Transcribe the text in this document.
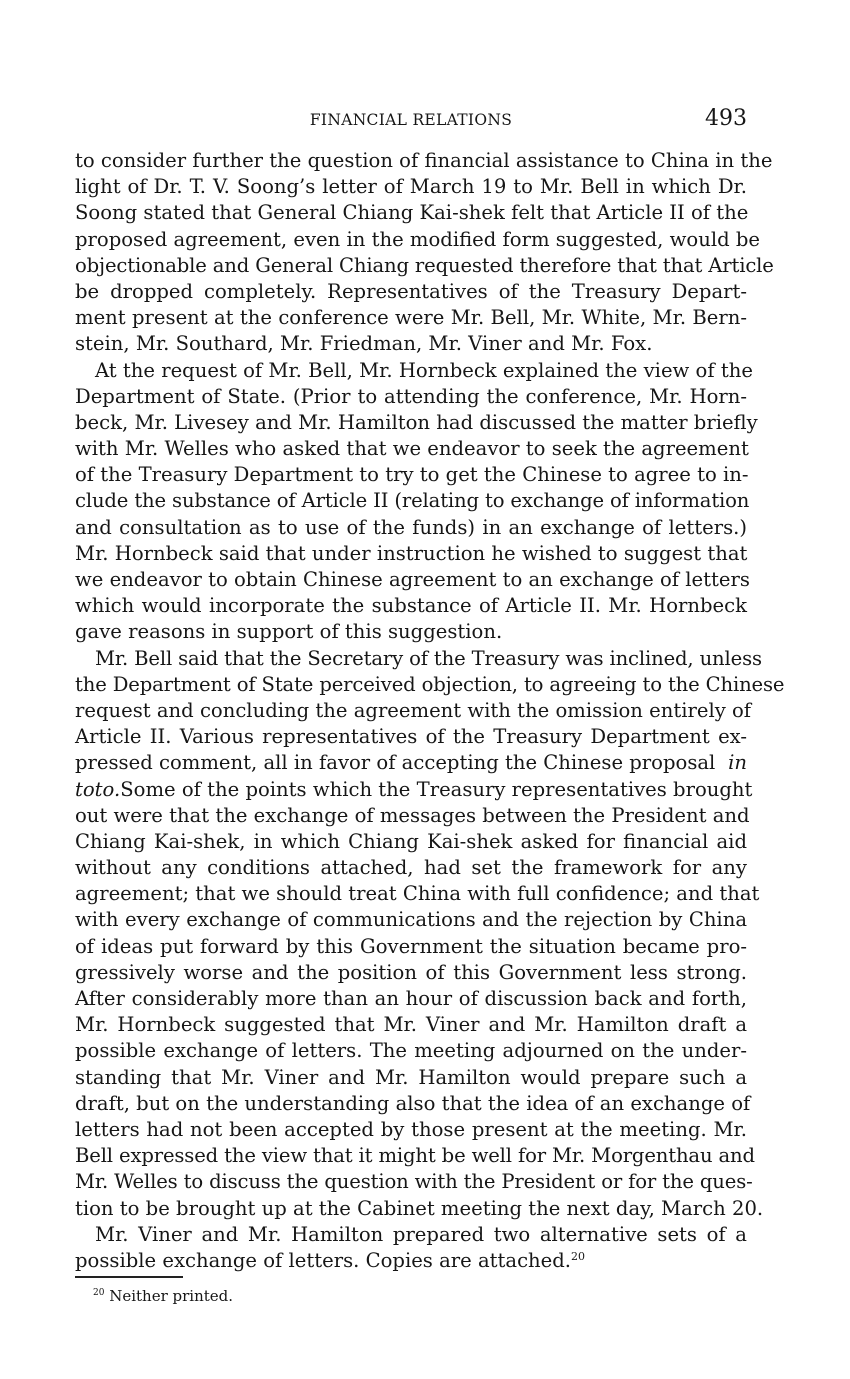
FINANCIAL RELATIONS	493
to consider further the question of financial assistance to China in the
light of Dr. T. V. Soong’s letter of March 19 to Mr. Bell in which Dr.
Soong stated that General Chiang Kai-shek felt that Article II of the
proposed agreement, even in the modified form suggested, would be
objectionable and General Chiang requested therefore that that Article
be dropped completely. Representatives of the Treasury Depart-
ment present at the conference were Mr. Bell, Mr. White, Mr. Bern-
stein, Mr. Southard, Mr. Friedman, Mr. Viner and Mr. Fox.
At the request of Mr. Bell, Mr. Hornbeck explained the view of the
Department of State. (Prior to attending the conference, Mr. Horn-
beck, Mr. Livesey and Mr. Hamilton had discussed the matter briefly
with Mr. Welles who asked that we endeavor to seek the agreement
of the Treasury Department to try to get the Chinese to agree to in-
clude the substance of Article II (relating to exchange of information
and consultation as to use of the funds) in an exchange of letters.)
Mr. Hornbeck said that under instruction he wished to suggest that
we endeavor to obtain Chinese agreement to an exchange of letters
which would incorporate the substance of Article II. Mr. Hornbeck
gave reasons in support of this suggestion.
Mr. Bell said that the Secretary of the Treasury was inclined, unless
the Department of State perceived objection, to agreeing to the Chinese
request and concluding the agreement with the omission entirely of
Article II. Various representatives of the Treasury Department ex-
pressed comment, all in favor of accepting the Chinese proposal in
toto. Some of the points which the Treasury representatives brought
out were that the exchange of messages between the President and
Chiang Kai-shek, in which Chiang Kai-shek asked for financial aid
without any conditions attached, had set the framework for any
agreement; that we should treat China with full confidence; and that
with every exchange of communications and the rejection by China
of ideas put forward by this Government the situation became pro-
gressively worse and the position of this Government less strong.
After considerably more than an hour of discussion back and forth,
Mr. Hornbeck suggested that Mr. Viner and Mr. Hamilton draft a
possible exchange of letters. The meeting adjourned on the under-
standing that Mr. Viner and Mr. Hamilton would prepare such a
draft, but on the understanding also that the idea of an exchange of
letters had not been accepted by those present at the meeting. Mr.
Bell expressed the view that it might be well for Mr. Morgenthau and
Mr. Welles to discuss the question with the President or for the ques-
tion to be brought up at the Cabinet meeting the next day, March 20.
Mr. Viner and Mr. Hamilton prepared two alternative sets of a
possible exchange of letters. Copies are attached.$^{20}$
$^{20}$ Neither printed.
